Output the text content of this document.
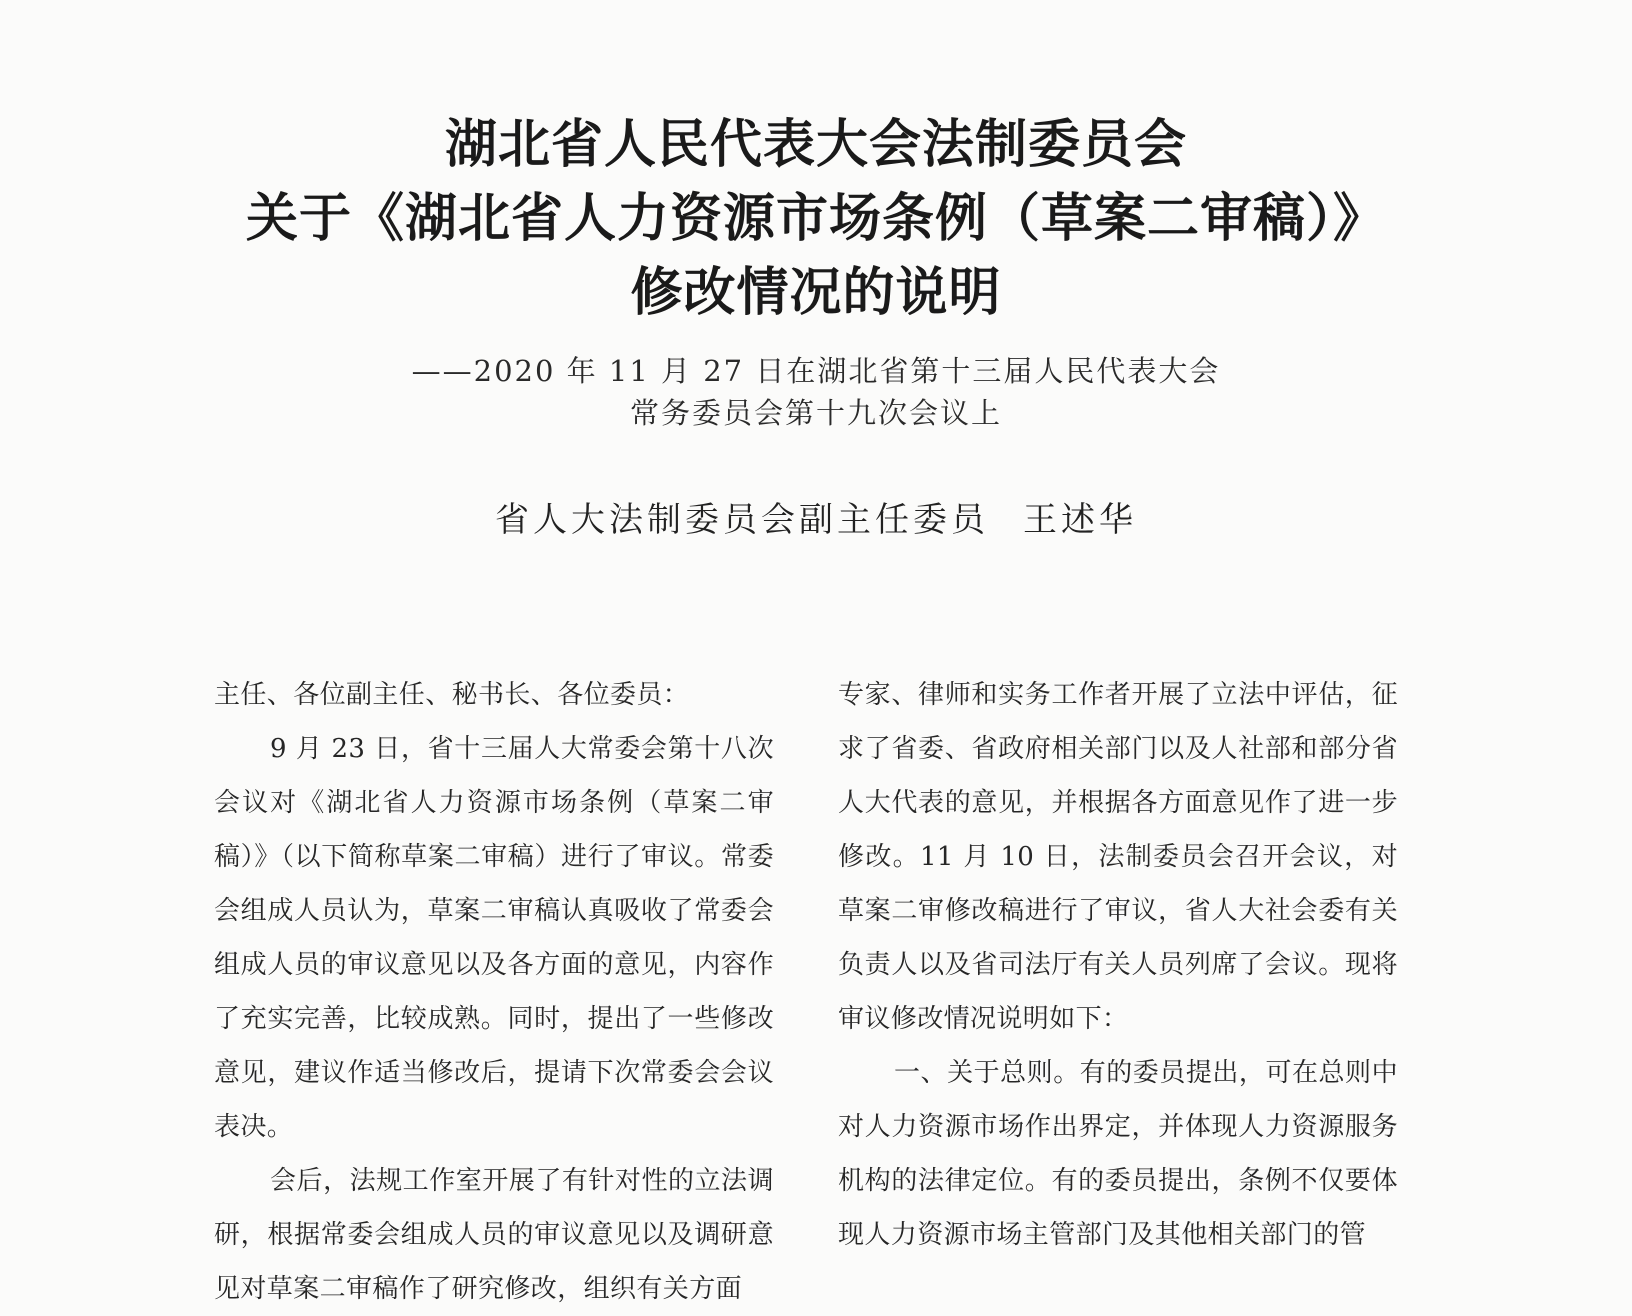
湖北省人民代表大会法制委员会
关于《湖北省人力资源市场条例（草案二审稿）》
修改情况的说明
——2020 年 11 月 27 日在湖北省第十三届人民代表大会
常务委员会第十九次会议上
省人大法制委员会副主任委员 王述华

主任、各位副主任、秘书长、各位委员：

9 月 23 日，省十三届人大常委会第十八次会议对《湖北省人力资源市场条例（草案二审稿）》（以下简称草案二审稿）进行了审议。常委会组成人员认为，草案二审稿认真吸收了常委会组成人员的审议意见以及各方面的意见，内容作了充实完善，比较成熟。同时，提出了一些修改意见，建议作适当修改后，提请下次常委会会议表决。

会后，法规工作室开展了有针对性的立法调研，根据常委会组成人员的审议意见以及调研意见对草案二审稿作了研究修改，组织有关方面

专家、律师和实务工作者开展了立法中评估，征求了省委、省政府相关部门以及人社部和部分省人大代表的意见，并根据各方面意见作了进一步修改。11 月 10 日，法制委员会召开会议，对草案二审修改稿进行了审议，省人大社会委有关负责人以及省司法厅有关人员列席了会议。现将审议修改情况说明如下：

一、关于总则。有的委员提出，可在总则中对人力资源市场作出界定，并体现人力资源服务机构的法律定位。有的委员提出，条例不仅要体现人力资源市场主管部门及其他相关部门的管
